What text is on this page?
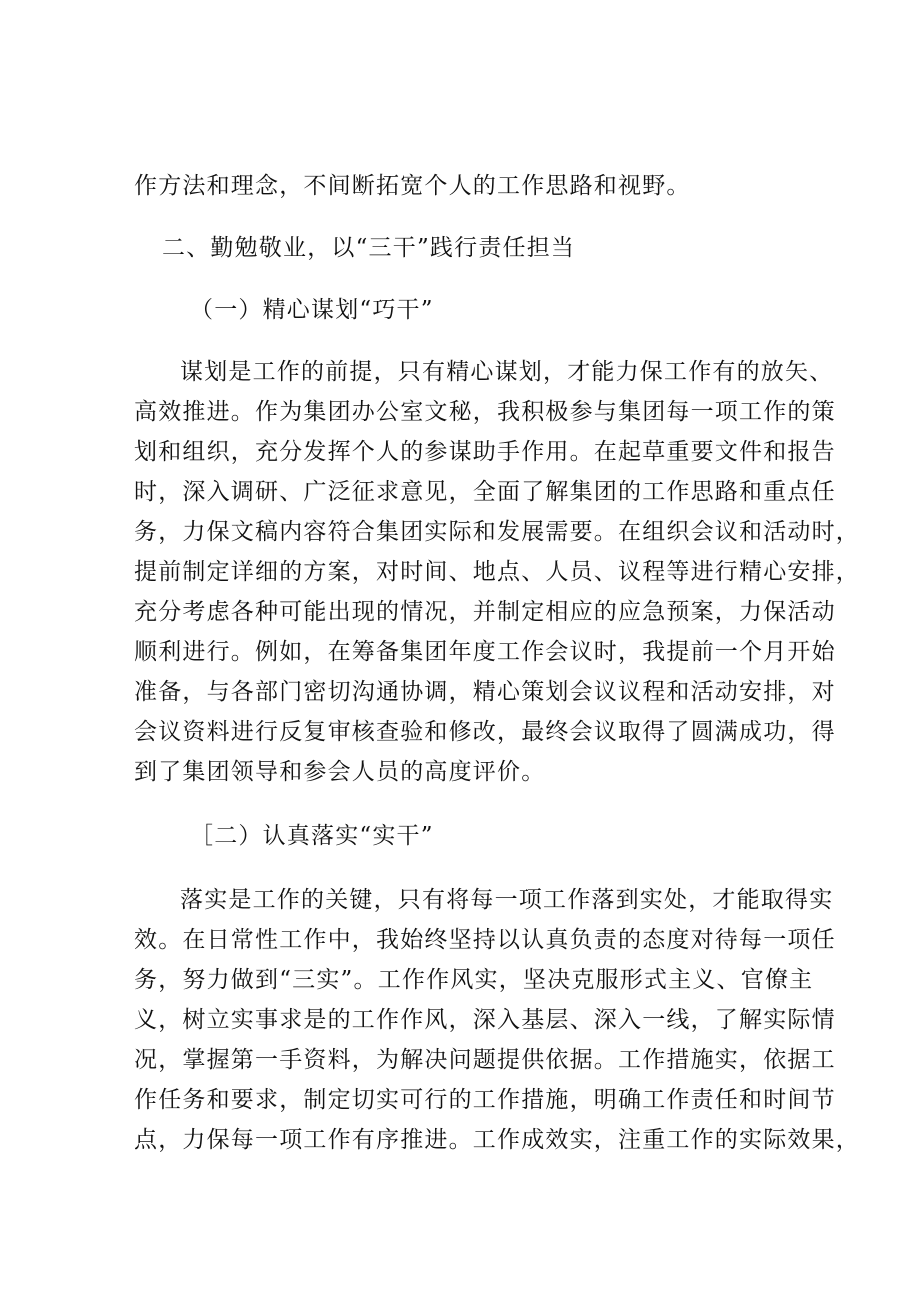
作方法和理念，不间断拓宽个人的工作思路和视野。
二、勤勉敬业，以“三干”践行责任担当
（一）精心谋划“巧干”
谋划是工作的前提，只有精心谋划，才能力保工作有的放矢、
高效推进。作为集团办公室文秘，我积极参与集团每一项工作的策
划和组织，充分发挥个人的参谋助手作用。在起草重要文件和报告
时，深入调研、广泛征求意见，全面了解集团的工作思路和重点任
务，力保文稿内容符合集团实际和发展需要。在组织会议和活动时，
提前制定详细的方案，对时间、地点、人员、议程等进行精心安排，
充分考虑各种可能出现的情况，并制定相应的应急预案，力保活动
顺利进行。例如，在筹备集团年度工作会议时，我提前一个月开始
准备，与各部门密切沟通协调，精心策划会议议程和活动安排，对
会议资料进行反复审核查验和修改，最终会议取得了圆满成功，得
到了集团领导和参会人员的高度评价。
［二）认真落实“实干”
落实是工作的关键，只有将每一项工作落到实处，才能取得实
效。在日常性工作中，我始终坚持以认真负责的态度对待每一项任
务，努力做到“三实”。工作作风实，坚决克服形式主义、官僚主
义，树立实事求是的工作作风，深入基层、深入一线，了解实际情
况，掌握第一手资料，为解决问题提供依据。工作措施实，依据工
作任务和要求，制定切实可行的工作措施，明确工作责任和时间节
点，力保每一项工作有序推进。工作成效实，注重工作的实际效果，
